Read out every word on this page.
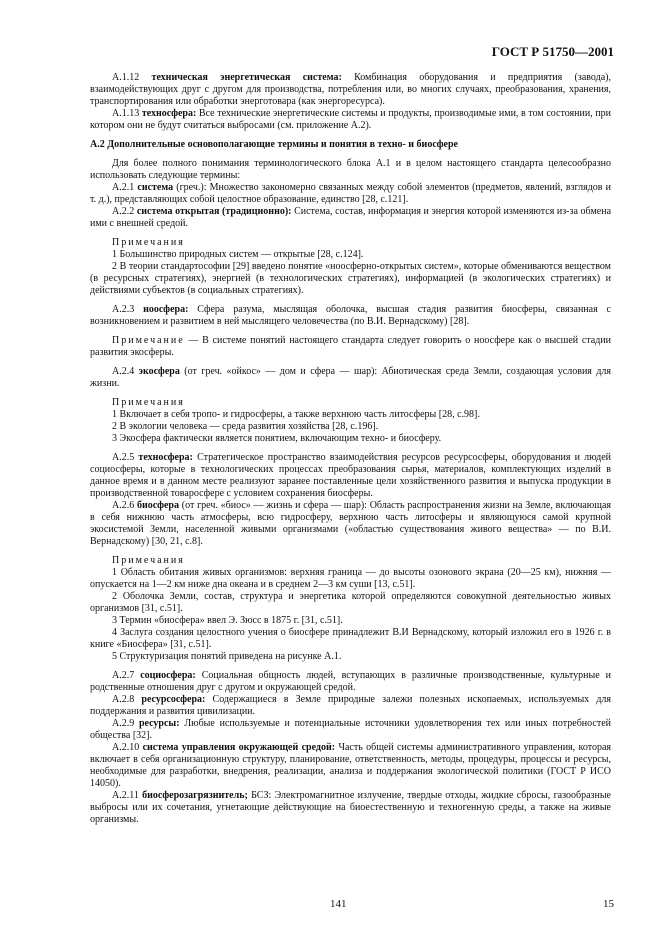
ГОСТ Р 51750—2001

А.1.12 техническая энергетическая система: Комбинация оборудования и предприятия (завода), взаимодействующих друг с другом для производства, потребления или, во многих случаях, преобразования, хранения, транспортирования или обработки энерготовара (как энергоресурса).

А.1.13 техносфера: Все технические энергетические системы и продукты, производимые ими, в том состоянии, при котором они не будут считаться выбросами (см. приложение А.2).

А.2 Дополнительные основополагающие термины и понятия в техно- и биосфере

Для более полного понимания терминологического блока А.1 и в целом настоящего стандарта целесообразно использовать следующие термины:

А.2.1 система (греч.): Множество закономерно связанных между собой элементов (предметов, явлений, взглядов и т. д.), представляющих собой целостное образование, единство [28, с.121].

А.2.2 система открытая (традиционно): Система, состав, информация и энергия которой изменяются из-за обмена ими с внешней средой.

Примечания

1 Большинство природных систем — открытые [28, с.124].

2 В теории стандартософии [29] введено понятие «ноосферно-открытых систем», которые обмениваются веществом (в ресурсных стратегиях), энергией (в технологических стратегиях), информацией (в экологических стратегиях) и действиями субъектов (в социальных стратегиях).

А.2.3 ноосфера: Сфера разума, мыслящая оболочка, высшая стадия развития биосферы, связанная с возникновением и развитием в ней мыслящего человечества (по В.И. Вернадскому) [28].

Примечание — В системе понятий настоящего стандарта следует говорить о ноосфере как о высшей стадии развития экосферы.

А.2.4 экосфера (от греч. «ойкос» — дом и сфера — шар): Абиотическая среда Земли, создающая условия для жизни.

Примечания

1 Включает в себя тропо- и гидросферы, а также верхнюю часть литосферы [28, с.98].

2 В экологии человека — среда развития хозяйства [28, с.196].

3 Экосфера фактически является понятием, включающим техно- и биосферу.

А.2.5 техносфера: Стратегическое пространство взаимодействия ресурсов ресурсосферы, оборудования и людей социосферы, которые в технологических процессах преобразования сырья, материалов, комплектующих изделий в данное время и в данном месте реализуют заранее поставленные цели хозяйственного развития и выпуска продукции в производственной товаросфере с условием сохранения биосферы.

А.2.6 биосфера (от греч. «биос» — жизнь и сфера — шар): Область распространения жизни на Земле, включающая в себя нижнюю часть атмосферы, всю гидросферу, верхнюю часть литосферы и являющуюся самой крупной экосистемой Земли, населенной живыми организмами («областью существования живого вещества» — по В.И. Вернадскому) [30, 21, с.8].

Примечания

1 Область обитания живых организмов: верхняя граница — до высоты озонового экрана (20—25 км), нижняя — опускается на 1—2 км ниже дна океана и в среднем 2—3 км суши [13, с.51].

2 Оболочка Земли, состав, структура и энергетика которой определяются совокупной деятельностью живых организмов [31, с.51].

3 Термин «биосфера» ввел Э. Зюсс в 1875 г. [31, с.51].

4 Заслуга создания целостного учения о биосфере принадлежит В.И Вернадскому, который изложил его в 1926 г. в книге «Биосфера» [31, с.51].

5 Структуризация понятий приведена на рисунке А.1.

А.2.7 социосфера: Социальная общность людей, вступающих в различные производственные, культурные и родственные отношения друг с другом и окружающей средой.

А.2.8 ресурсосфера: Содержащиеся в Земле природные залежи полезных ископаемых, используемых для поддержания и развития цивилизации.

А.2.9 ресурсы: Любые используемые и потенциальные источники удовлетворения тех или иных потребностей общества [32].

А.2.10 система управления окружающей средой: Часть общей системы административного управления, которая включает в себя организационную структуру, планирование, ответственность, методы, процедуры, процессы и ресурсы, необходимые для разработки, внедрения, реализации, анализа и поддержания экологической политики (ГОСТ Р ИСО 14050).

А.2.11 биосферозагрязнитель; БСЗ: Электромагнитное излучение, твердые отходы, жидкие сбросы, газообразные выбросы или их сочетания, угнетающие действующие на биоестественную и техногенную среды, а также на живые организмы.

141	15
